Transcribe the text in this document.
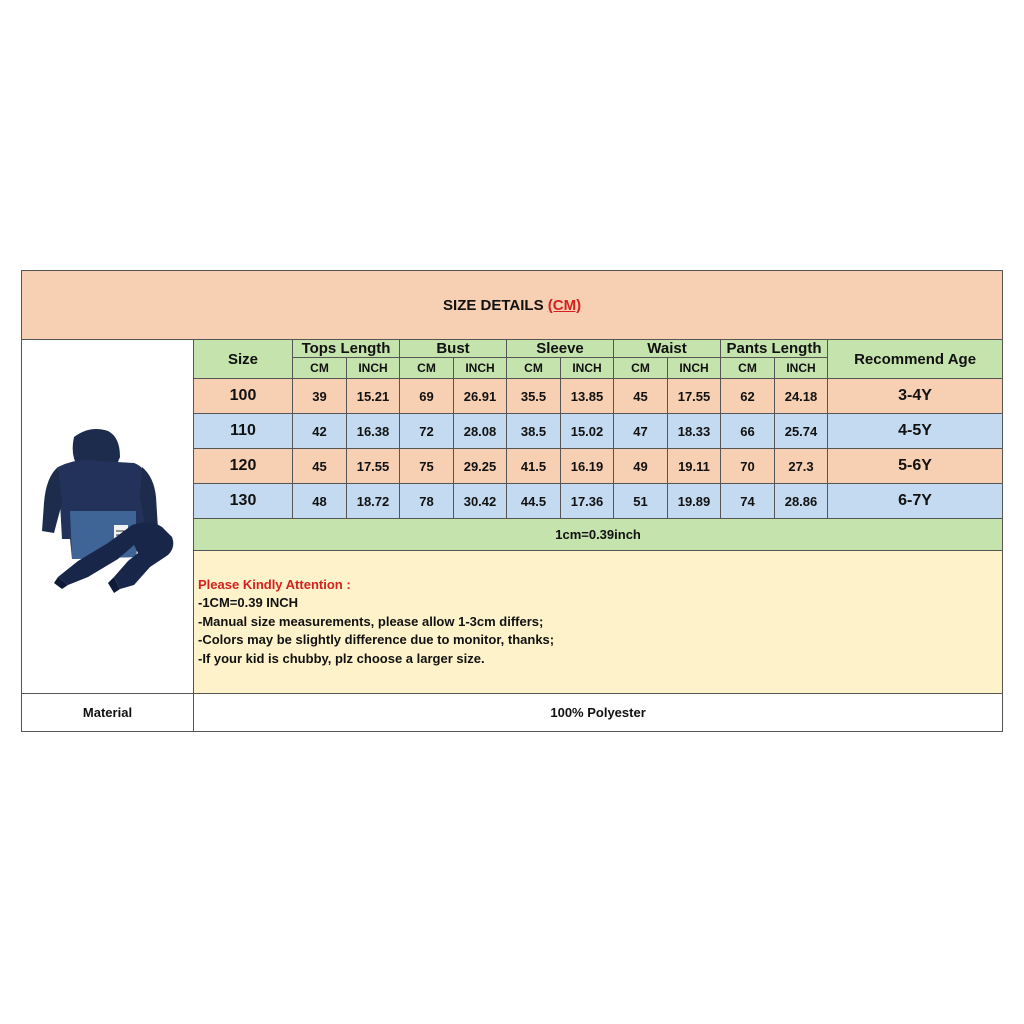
SIZE DETAILS (CM)												
	Size	Tops Length		Bust		Sleeve		Waist		Pants Length		Recommend Age
		CM	INCH	CM	INCH	CM	INCH	CM	INCH	CM	INCH	
	100	39	15.21	69	26.91	35.5	13.85	45	17.55	62	24.18	3-4Y
	110	42	16.38	72	28.08	38.5	15.02	47	18.33	66	25.74	4-5Y
	120	45	17.55	75	29.25	41.5	16.19	49	19.11	70	27.3	5-6Y
	130	48	18.72	78	30.42	44.5	17.36	51	19.89	74	28.86	6-7Y
	1cm=0.39inch											

	Please Kindly Attention :
-1CM=0.39 INCH
-Manual size measurements, please allow 1-3cm differs;
-Colors may be slightly difference due to monitor, thanks;
-If your kid is chubby, plz choose a larger size.											

Material	100% Polyester											
